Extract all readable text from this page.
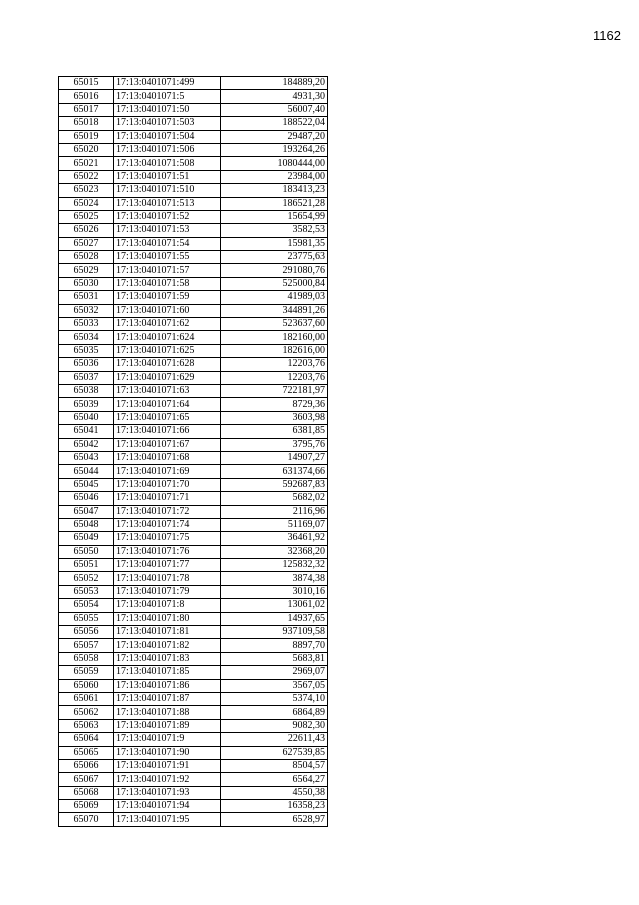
1162
65015	17:13:0401071:499	184889,20
65016	17:13:0401071:5	4931,30
65017	17:13:0401071:50	56007,40
65018	17:13:0401071:503	188522,04
65019	17:13:0401071:504	29487,20
65020	17:13:0401071:506	193264,26
65021	17:13:0401071:508	1080444,00
65022	17:13:0401071:51	23984,00
65023	17:13:0401071:510	183413,23
65024	17:13:0401071:513	186521,28
65025	17:13:0401071:52	15654,99
65026	17:13:0401071:53	3582,53
65027	17:13:0401071:54	15981,35
65028	17:13:0401071:55	23775,63
65029	17:13:0401071:57	291080,76
65030	17:13:0401071:58	525000,84
65031	17:13:0401071:59	41989,03
65032	17:13:0401071:60	344891,26
65033	17:13:0401071:62	523637,60
65034	17:13:0401071:624	182160,00
65035	17:13:0401071:625	182616,00
65036	17:13:0401071:628	12203,76
65037	17:13:0401071:629	12203,76
65038	17:13:0401071:63	722181,97
65039	17:13:0401071:64	8729,36
65040	17:13:0401071:65	3603,98
65041	17:13:0401071:66	6381,85
65042	17:13:0401071:67	3795,76
65043	17:13:0401071:68	14907,27
65044	17:13:0401071:69	631374,66
65045	17:13:0401071:70	592687,83
65046	17:13:0401071:71	5682,02
65047	17:13:0401071:72	2116,96
65048	17:13:0401071:74	51169,07
65049	17:13:0401071:75	36461,92
65050	17:13:0401071:76	32368,20
65051	17:13:0401071:77	125832,32
65052	17:13:0401071:78	3874,38
65053	17:13:0401071:79	3010,16
65054	17:13:0401071:8	13061,02
65055	17:13:0401071:80	14937,65
65056	17:13:0401071:81	937109,58
65057	17:13:0401071:82	8897,70
65058	17:13:0401071:83	5683,81
65059	17:13:0401071:85	2969,07
65060	17:13:0401071:86	3567,05
65061	17:13:0401071:87	5374,10
65062	17:13:0401071:88	6864,89
65063	17:13:0401071:89	9082,30
65064	17:13:0401071:9	22611,43
65065	17:13:0401071:90	627539,85
65066	17:13:0401071:91	8504,57
65067	17:13:0401071:92	6564,27
65068	17:13:0401071:93	4550,38
65069	17:13:0401071:94	16358,23
65070	17:13:0401071:95	6528,97
